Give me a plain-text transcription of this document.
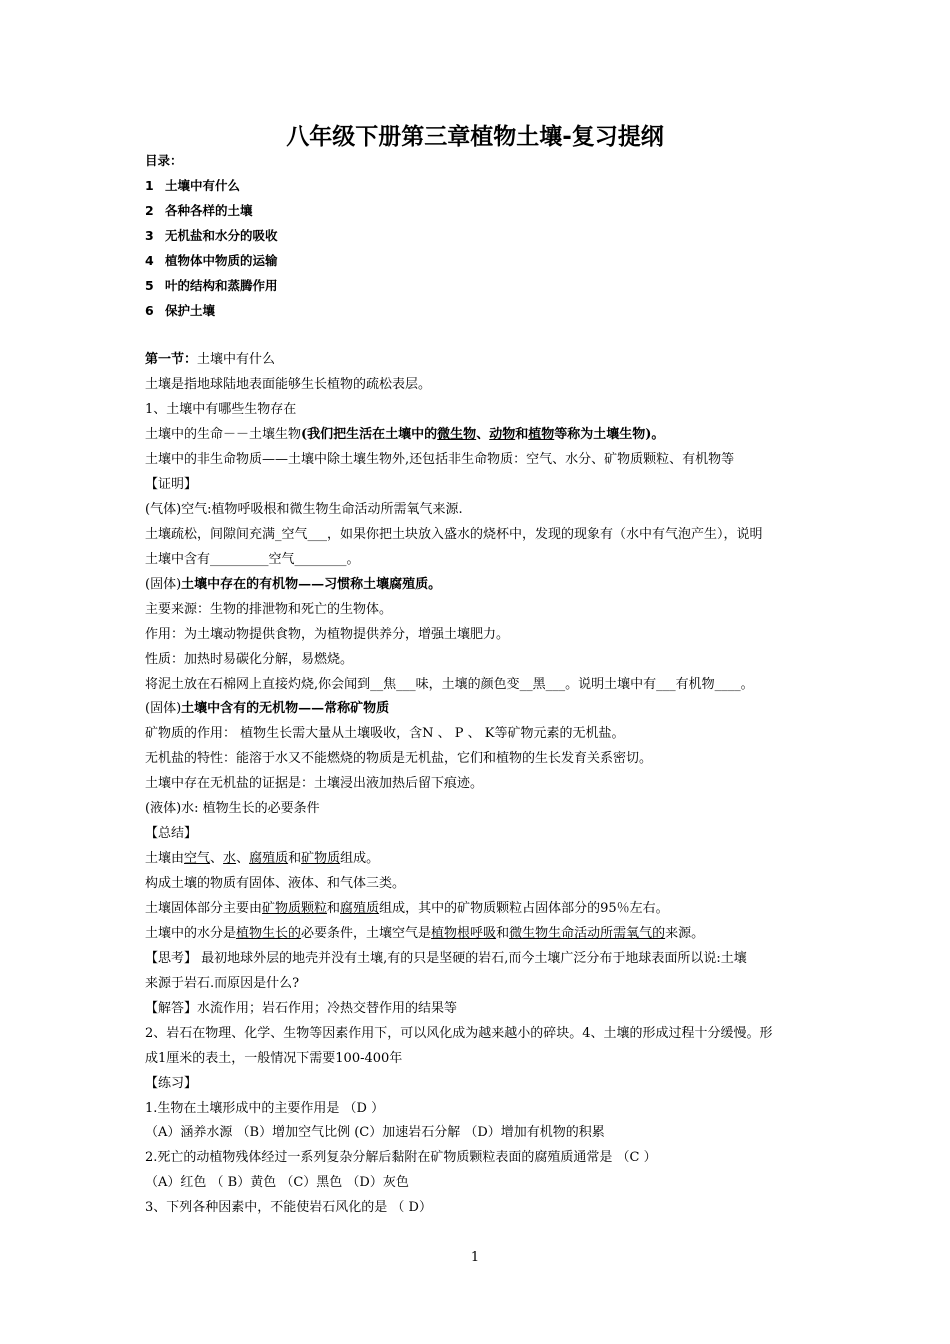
八年级下册第三章植物土壤-复习提纲
目录：
1 土壤中有什么
2 各种各样的土壤
3 无机盐和水分的吸收
4 植物体中物质的运输
5 叶的结构和蒸腾作用
6 保护土壤
第一节：土壤中有什么
土壤是指地球陆地表面能够生长植物的疏松表层。
1、土壤中有哪些生物存在
土壤中的生命－－土壤生物(我们把生活在土壤中的微生物、动物和植物等称为土壤生物)。
土壤中的非生命物质——土壤中除土壤生物外,还包括非生命物质：空气、水分、矿物质颗粒、有机物等
【证明】
(气体)空气:植物呼吸根和微生物生命活动所需氧气来源.
土壤疏松，间隙间充满_空气___，如果你把土块放入盛水的烧杯中，发现的现象有（水中有气泡产生），说明
土壤中含有_________空气________。
(固体)土壤中存在的有机物——习惯称土壤腐殖质。
主要来源：生物的排泄物和死亡的生物体。
作用：为土壤动物提供食物，为植物提供养分，增强土壤肥力。
性质：加热时易碳化分解，易燃烧。
将泥土放在石棉网上直接灼烧,你会闻到__焦___味，土壤的颜色变__黑___。说明土壤中有___有机物____。
(固体)土壤中含有的无机物——常称矿物质
矿物质的作用： 植物生长需大量从土壤吸收，含N 、 P 、 K等矿物元素的无机盐。
无机盐的特性：能溶于水又不能燃烧的物质是无机盐，它们和植物的生长发育关系密切。
土壤中存在无机盐的证据是：土壤浸出液加热后留下痕迹。
(液体)水: 植物生长的必要条件
【总结】
土壤由空气、水、腐殖质和矿物质组成。
构成土壤的物质有固体、液体、和气体三类。
土壤固体部分主要由矿物质颗粒和腐殖质组成，其中的矿物质颗粒占固体部分的95％左右。
土壤中的水分是植物生长的必要条件，土壤空气是植物根呼吸和微生物生命活动所需氧气的来源。
【思考】 最初地球外层的地壳并没有土壤,有的只是坚硬的岩石,而今土壤广泛分布于地球表面所以说:土壤
来源于岩石.而原因是什么?
【解答】水流作用；岩石作用；冷热交替作用的结果等
2、岩石在物理、化学、生物等因素作用下，可以风化成为越来越小的碎块。4、土壤的形成过程十分缓慢。形
成1厘米的表土，一般情况下需要100-400年
【练习】
1.生物在土壤形成中的主要作用是 （D ）
（A）涵养水源 （B）增加空气比例 (C）加速岩石分解 （D）增加有机物的积累
2.死亡的动植物残体经过一系列复杂分解后黏附在矿物质颗粒表面的腐殖质通常是 （C ）
（A）红色 （ B）黄色 （C）黑色 （D）灰色
3、下列各种因素中，不能使岩石风化的是 （ D）
1
